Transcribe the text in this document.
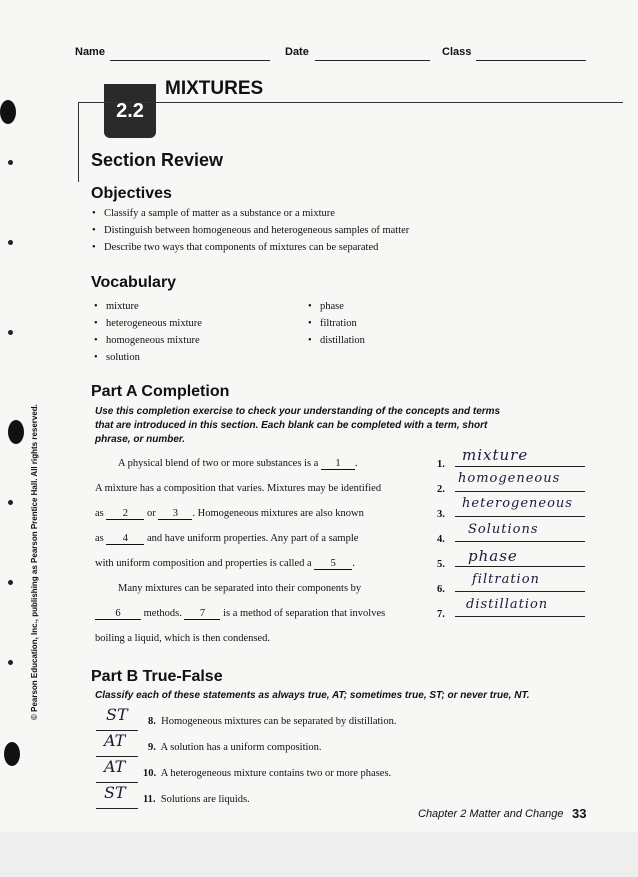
Name	Date	Class
2.2
MIXTURES
Section Review
Objectives
• Classify a sample of matter as a substance or a mixture
• Distinguish between homogeneous and heterogeneous samples of matter
• Describe two ways that components of mixtures can be separated
Vocabulary
• mixture
• heterogeneous mixture
• homogeneous mixture
• solution
• phase
• filtration
• distillation
Part A Completion
Use this completion exercise to check your understanding of the concepts and terms
that are introduced in this section. Each blank can be completed with a term, short
phrase, or number.
A physical blend of two or more substances is a 1 .
A mixture has a composition that varies. Mixtures may be identified
as 2 or 3 . Homogeneous mixtures are also known
as 4 and have uniform properties. Any part of a sample
with uniform composition and properties is called a 5 .
Many mixtures can be separated into their components by
6 methods. 7 is a method of separation that involves
boiling a liquid, which is then condensed.
1.
2.
3.
4.
5.
6.
7.
mixture
homogeneous
heterogeneous
Solutions
phase
filtration
distillation
Part B True-False
Classify each of these statements as always true, AT; sometimes true, ST; or never true, NT.
ST 8. Homogeneous mixtures can be separated by distillation.
AT 9. A solution has a uniform composition.
AT 10. A heterogeneous mixture contains two or more phases.
ST 11. Solutions are liquids.
© Pearson Education, Inc., publishing as Pearson Prentice Hall. All rights reserved.
Chapter 2 Matter and Change 33
